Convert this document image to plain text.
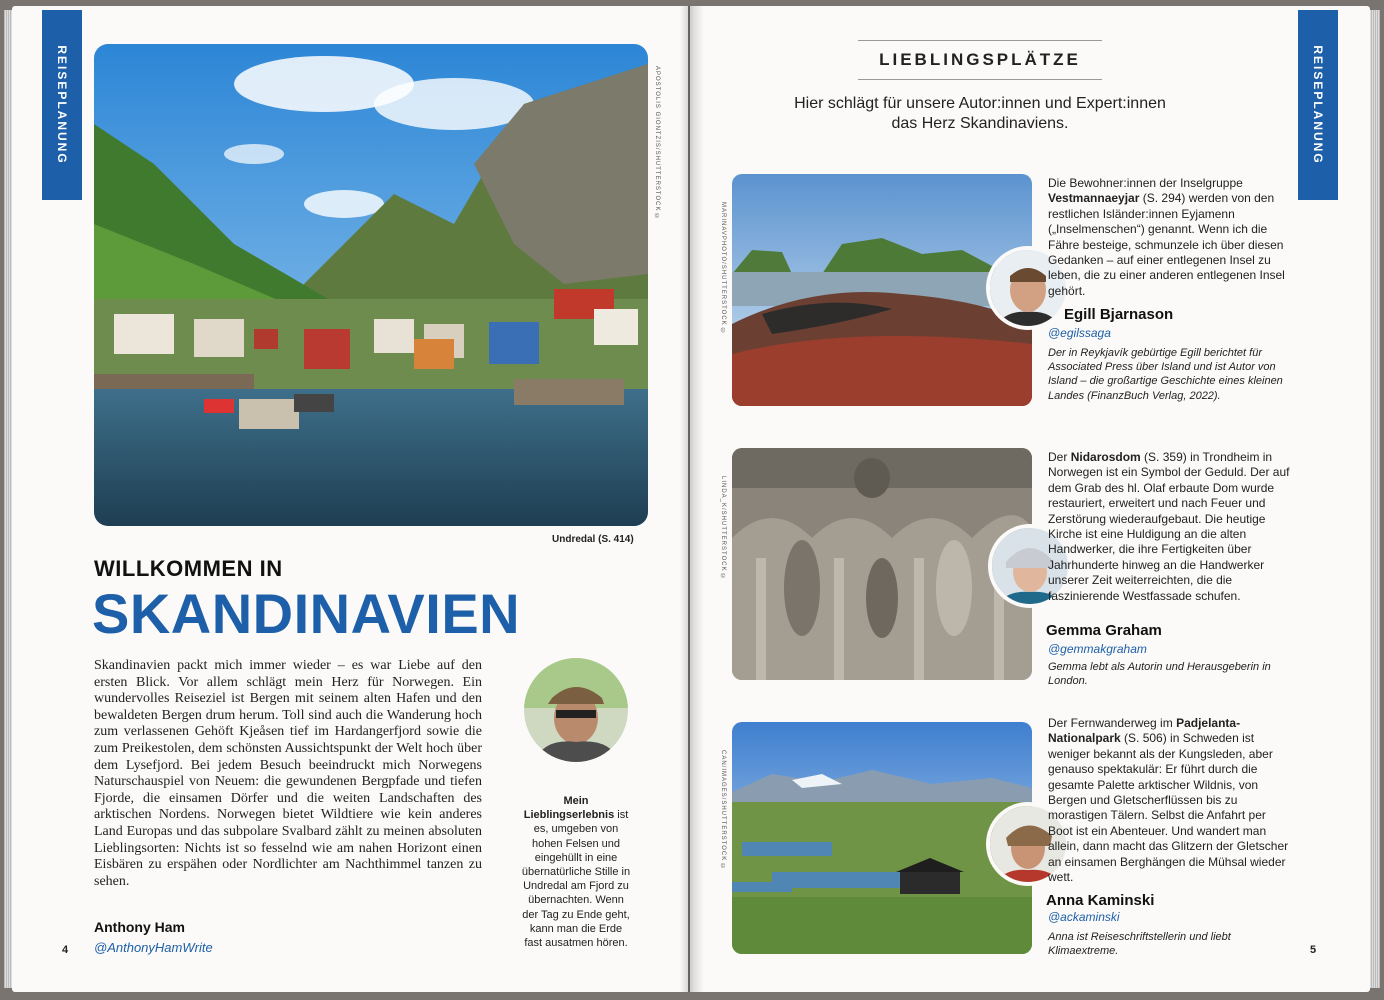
REISEPLANUNG	APOSTOLIS GIONTZIS/SHUTTERSTOCK ©
Undredal (S. 414)
WILLKOMMEN IN
SKANDINAVIEN

Skandinavien packt mich immer wieder – es war Liebe auf den ersten Blick. Vor allem schlägt mein Herz für Norwegen. Ein wundervolles Reiseziel ist Bergen mit seinem alten Hafen und den bewaldeten Bergen drum herum. Toll sind auch die Wanderung hoch zum verlassenen Gehöft Kjeåsen tief im Hardangerfjord sowie die zum Preikestolen, dem schönsten Aussichtspunkt der Welt hoch über dem Lysefjord. Bei jedem Besuch beeindruckt mich Norwegens Naturschauspiel von Neuem: die gewundenen Bergpfade und tiefen Fjorde, die einsamen Dörfer und die weiten Landschaften des arktischen Nordens. Norwegen bietet Wildtiere wie kein anderes Land Europas und das subpolare Svalbard zählt zu meinen absoluten Lieblingsorten: Nichts ist so fesselnd wie am nahen Horizont einen Eisbären zu erspähen oder Nordlichter am Nachthimmel tanzen zu sehen.

Anthony Ham
@AnthonyHamWrite

Mein Lieblingserlebnis ist es, umgeben von hohen Felsen und eingehüllt in eine übernatürliche Stille in Undredal am Fjord zu übernachten. Wenn der Tag zu Ende geht, kann man die Erde fast ausatmen hören.

4
REISEPLANUNG
LIEBLINGSPLÄTZE
Hier schlägt für unsere Autor:innen und Expert:innen
das Herz Skandinaviens.
MARINAVPHOTO/SHUTTERSTOCK ©

Die Bewohner:innen der Inselgruppe Vestmannaeyjar (S. 294) werden von den restlichen Isländer:innen Eyjamenn („Inselmenschen“) genannt. Wenn ich die Fähre besteige, schmunzele ich über diesen Gedanken – auf einer entlegenen Insel zu leben, die zu einer anderen entlegenen Insel gehört.

Egill Bjarnason
@egilssaga

Der in Reykjavík gebürtige Egill berichtet für Associated Press über Island und ist Autor von Island – die großartige Geschichte eines kleinen Landes (FinanzBuch Verlag, 2022).

LINDA_K/SHUTTERSTOCK ©

Der Nidarosdom (S. 359) in Trondheim in Norwegen ist ein Symbol der Geduld. Der auf dem Grab des hl. Olaf erbaute Dom wurde restauriert, erweitert und nach Feuer und Zerstörung wiederaufgebaut. Die heutige Kirche ist eine Huldigung an die alten Handwerker, die ihre Fertigkeiten über Jahrhunderte hinweg an die Handwerker unserer Zeit weiterreichten, die die faszinierende Westfassade schufen.

Gemma Graham
@gemmakgraham

Gemma lebt als Autorin und Herausgeberin in London.

CAN/IMAGES/SHUTTERSTOCK ©

Der Fernwanderweg im Padjelanta-Nationalpark (S. 506) in Schweden ist weniger bekannt als der Kungsleden, aber genauso spektakulär: Er führt durch die gesamte Palette arktischer Wildnis, von Bergen und Gletscherflüssen bis zu morastigen Tälern. Selbst die Anfahrt per Boot ist ein Abenteuer. Und wandert man allein, dann macht das Glitzern der Gletscher an einsamen Berghängen die Mühsal wieder wett.

Anna Kaminski
@ackaminski

Anna ist Reiseschriftstellerin und liebt Klimaextreme.	5
